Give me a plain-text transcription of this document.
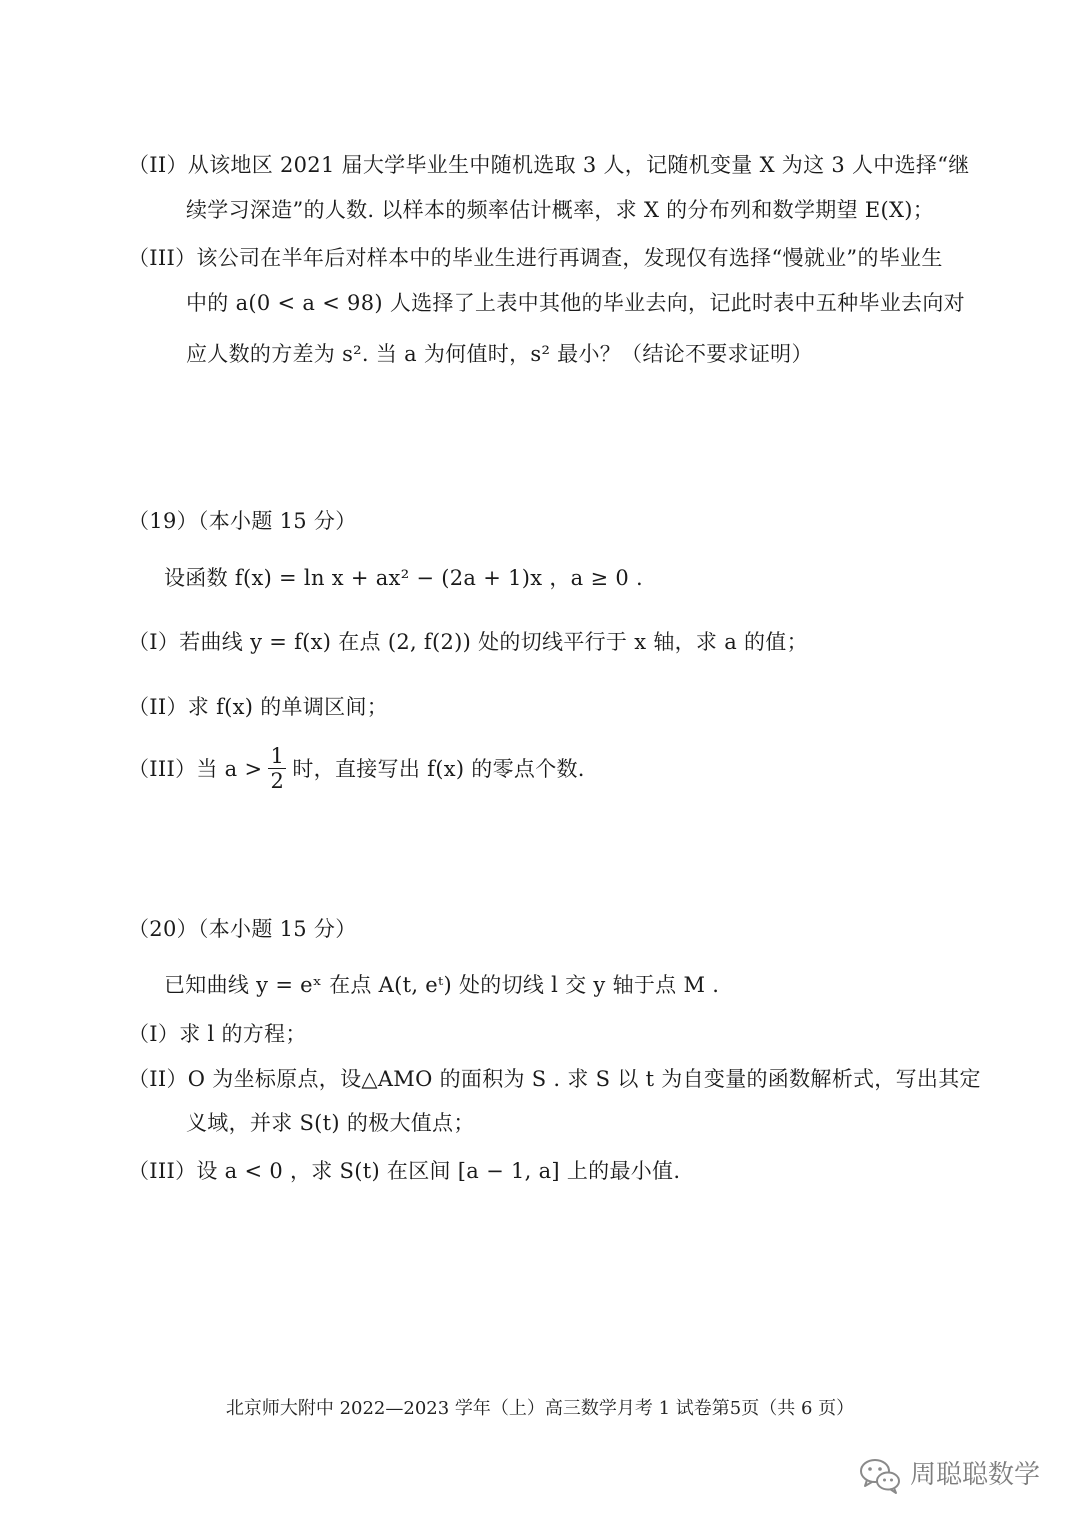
（II）从该地区 2021 届大学毕业生中随机选取 3 人，记随机变量 X 为这 3 人中选择“继
续学习深造”的人数. 以样本的频率估计概率，求 X 的分布列和数学期望 E(X)；
（III）该公司在半年后对样本中的毕业生进行再调查，发现仅有选择“慢就业”的毕业生
中的 a(0 < a < 98) 人选择了上表中其他的毕业去向，记此时表中五种毕业去向对
应人数的方差为 s². 当 a 为何值时，s² 最小？（结论不要求证明）
（19）（本小题 15 分）
设函数 f(x) = ln x + ax² − (2a + 1)x ，a ≥ 0 .
（I）若曲线 y = f(x) 在点 (2, f(2)) 处的切线平行于 x 轴，求 a 的值；
（II）求 f(x) 的单调区间；
（III）当 a >
1
2
时，直接写出 f(x) 的零点个数.
（20）（本小题 15 分）
已知曲线 y = eˣ 在点 A(t, eᵗ) 处的切线 l 交 y 轴于点 M .
（I）求 l 的方程；
（II）O 为坐标原点，设△AMO 的面积为 S . 求 S 以 t 为自变量的函数解析式，写出其定
义域，并求 S(t) 的极大值点；
（III）设 a < 0 ，求 S(t) 在区间 [a − 1, a] 上的最小值.
北京师大附中 2022—2023 学年（上）高三数学月考 1 试卷第5页（共 6 页）
周聪聪数学
